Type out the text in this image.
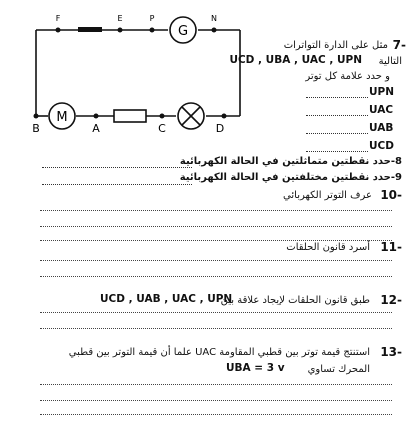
G
M
F	E	P	N
B	A	C	D
7-
مثل على الدارة التواترات
التالية
UCD , UBA , UAC , UPN
و حدد علامة كل توتر
UPN
UAC
UAB
UCD
8-حدد نقطتين متماثلتين في الحالة الكهربائية
9-حدد نقطتين مختلفتين في الحالة الكهربائية
10-
عرف التوتر الكهربائي
11-
أسرد قانون الحلقات
12-
طبق قانون الحلقات لإيجاد علاقة بين
UCD , UAB , UAC , UPN
13-
استنتج قيمة توتر بين قطبي المقاومة UAC علما أن قيمة التوتر بين قطبي
المحرك تساوي
UBA = 3 v
